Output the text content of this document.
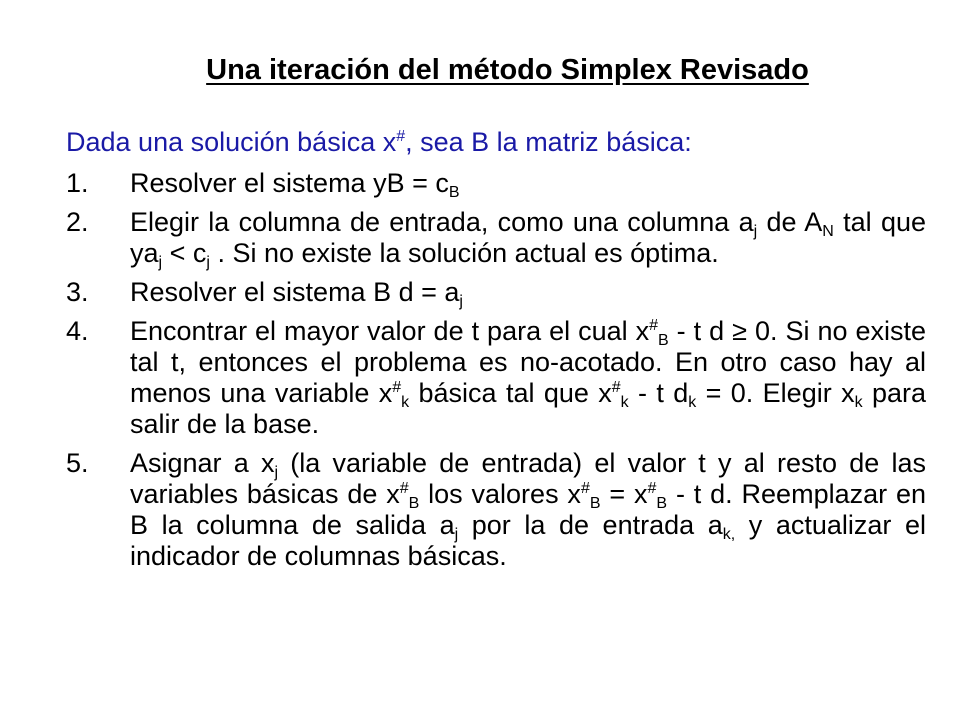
Una iteración del método Simplex Revisado
Dada una solución básica x#, sea B la matriz básica:
1.	Resolver el sistema yB = $c_B$
2.	Elegir la columna de entrada, como una columna $a_j$ de $A_N$ tal que $ya_j < c_j$ . Si no existe la solución actual es óptima.
3.	Resolver el sistema B $d = a_j$
4.	Encontrar el mayor valor de t para el cual $x^{\#}_B$ - t d ≥ 0. Si no existe tal t, entonces el problema es no-acotado. En otro caso hay al menos una variable $x^{\#}_k$ básica tal que $x^{\#}_k$ - t $d_k = 0$. Elegir $x_k$ para salir de la base.
5.	Asignar a $x_j$ (la variable de entrada) el valor t y al resto de las variables básicas de $x^{\#}_B$ los valores $x^{\#}_B = x^{\#}_B - t$ d. Reemplazar en B la columna de salida $a_j$ por la de entrada $a_{k,}$ y actualizar el indicador de columnas básicas.
